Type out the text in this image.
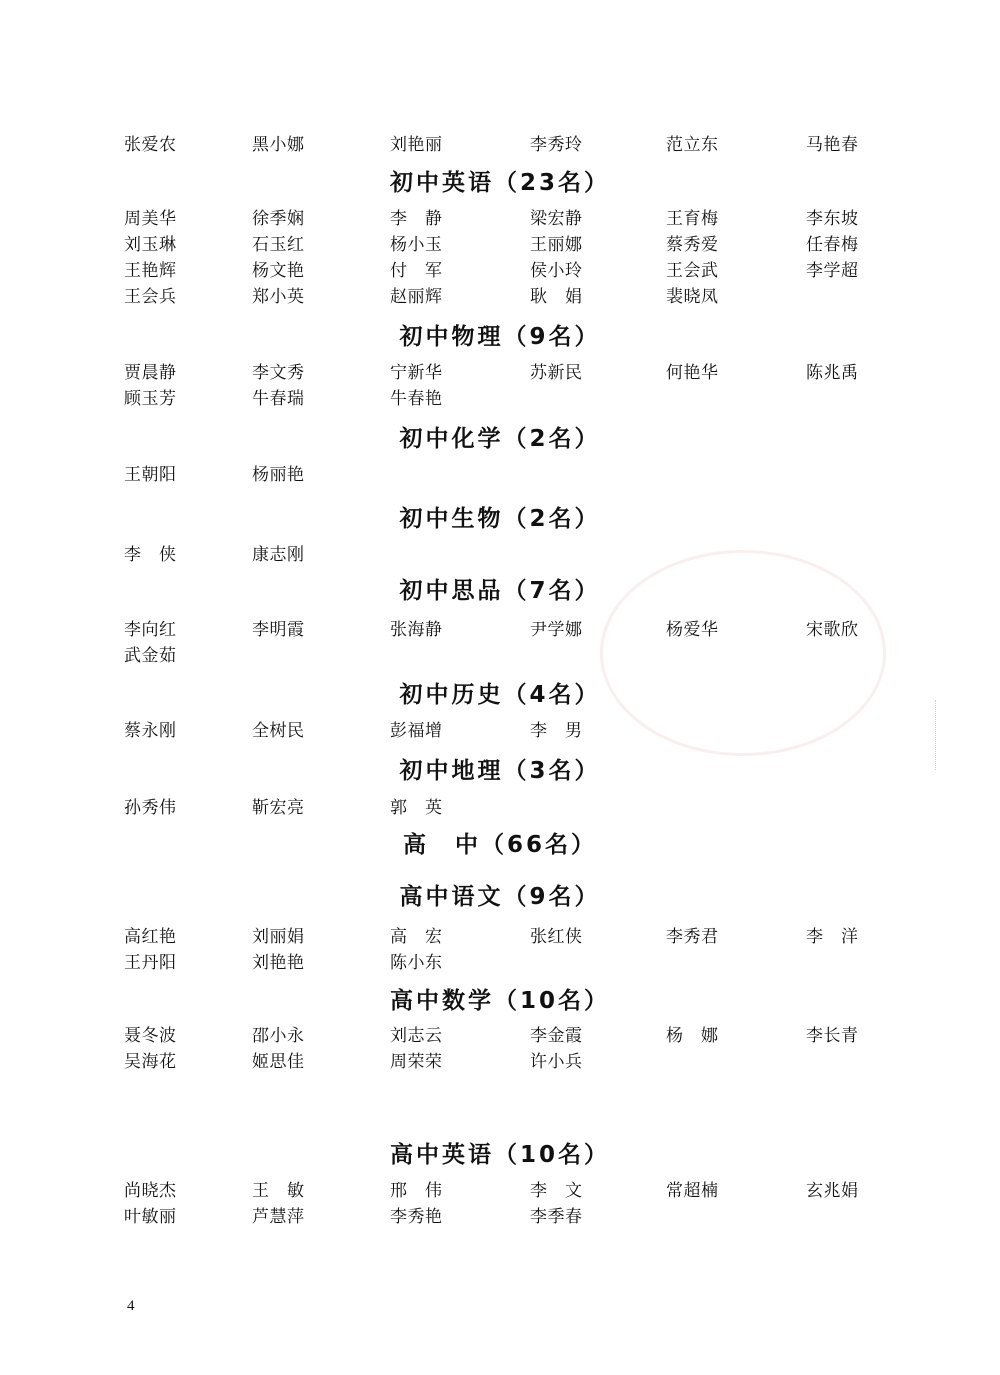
张爱农	黑小娜	刘艳丽	李秀玲	范立东	马艳春
初中英语（23名）
周美华	徐季娴	李　静	梁宏静	王育梅	李东坡
刘玉琳	石玉红	杨小玉	王丽娜	蔡秀爱	任春梅
王艳辉	杨文艳	付　军	侯小玲	王会武	李学超
王会兵	郑小英	赵丽辉	耿　娟	裴晓凤
初中物理（9名）
贾晨静	李文秀	宁新华	苏新民	何艳华	陈兆禹
顾玉芳	牛春瑞	牛春艳
初中化学（2名）
王朝阳	杨丽艳
初中生物（2名）
李　侠	康志刚
初中思品（7名）
李向红	李明霞	张海静	尹学娜	杨爱华	宋歌欣
武金茹
初中历史（4名）
蔡永刚	全树民	彭福增	李　男
初中地理（3名）
孙秀伟	靳宏亮	郭　英
高　中（66名）
高中语文（9名）
高红艳	刘丽娟	高　宏	张红侠	李秀君	李　洋
王丹阳	刘艳艳	陈小东
高中数学（10名）
聂冬波	邵小永	刘志云	李金霞	杨　娜	李长青
吴海花	姬思佳	周荣荣	许小兵
高中英语（10名）
尚晓杰	王　敏	邢　伟	李　文	常超楠	玄兆娟
叶敏丽	芦慧萍	李秀艳	李季春
4
